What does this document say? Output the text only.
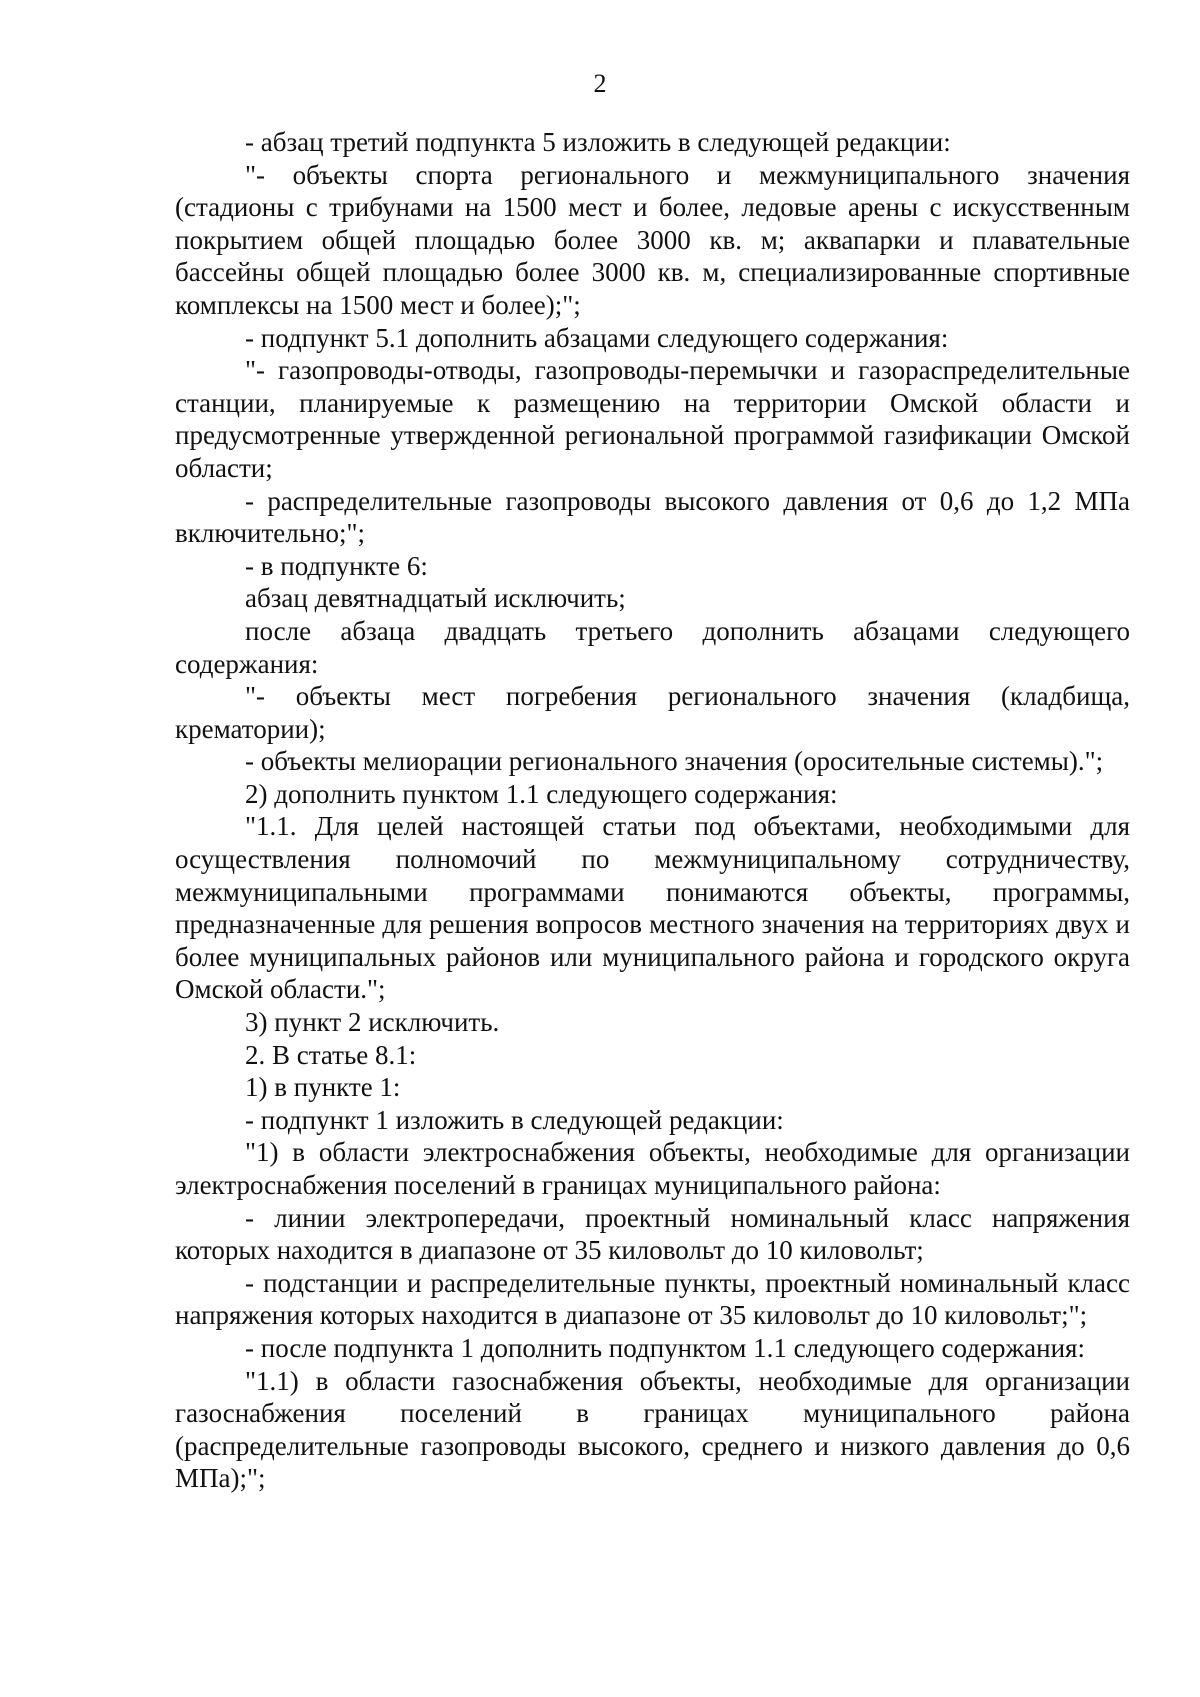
2

- абзац третий подпункта 5 изложить в следующей редакции:

"- объекты спорта регионального и межмуниципального значения (стадионы с трибунами на 1500 мест и более, ледовые арены с искусственным покрытием общей площадью более 3000 кв. м; аквапарки и плавательные бассейны общей площадью более 3000 кв. м, специализированные спортивные комплексы на 1500 мест и более);";

- подпункт 5.1 дополнить абзацами следующего содержания:

"- газопроводы-отводы, газопроводы-перемычки и газораспределительные станции, планируемые к размещению на территории Омской области и предусмотренные утвержденной региональной программой газификации Омской области;

- распределительные газопроводы высокого давления от 0,6 до 1,2 МПа включительно;";

- в подпункте 6:

абзац девятнадцатый исключить;

после абзаца двадцать третьего дополнить абзацами следующего содержания:

"- объекты мест погребения регионального значения (кладбища, крематории);

- объекты мелиорации регионального значения (оросительные системы).";

2) дополнить пунктом 1.1 следующего содержания:

"1.1. Для целей настоящей статьи под объектами, необходимыми для осуществления полномочий по межмуниципальному сотрудничеству, межмуниципальными программами понимаются объекты, программы, предназначенные для решения вопросов местного значения на территориях двух и более муниципальных районов или муниципального района и городского округа Омской области.";

3) пункт 2 исключить.

2. В статье 8.1:

1) в пункте 1:

- подпункт 1 изложить в следующей редакции:

"1) в области электроснабжения объекты, необходимые для организации электроснабжения поселений в границах муниципального района:

- линии электропередачи, проектный номинальный класс напряжения которых находится в диапазоне от 35 киловольт до 10 киловольт;

- подстанции и распределительные пункты, проектный номинальный класс напряжения которых находится в диапазоне от 35 киловольт до 10 киловольт;";

- после подпункта 1 дополнить подпунктом 1.1 следующего содержания:

"1.1) в области газоснабжения объекты, необходимые для организации газоснабжения поселений в границах муниципального района (распределительные газопроводы высокого, среднего и низкого давления до 0,6 МПа);";
